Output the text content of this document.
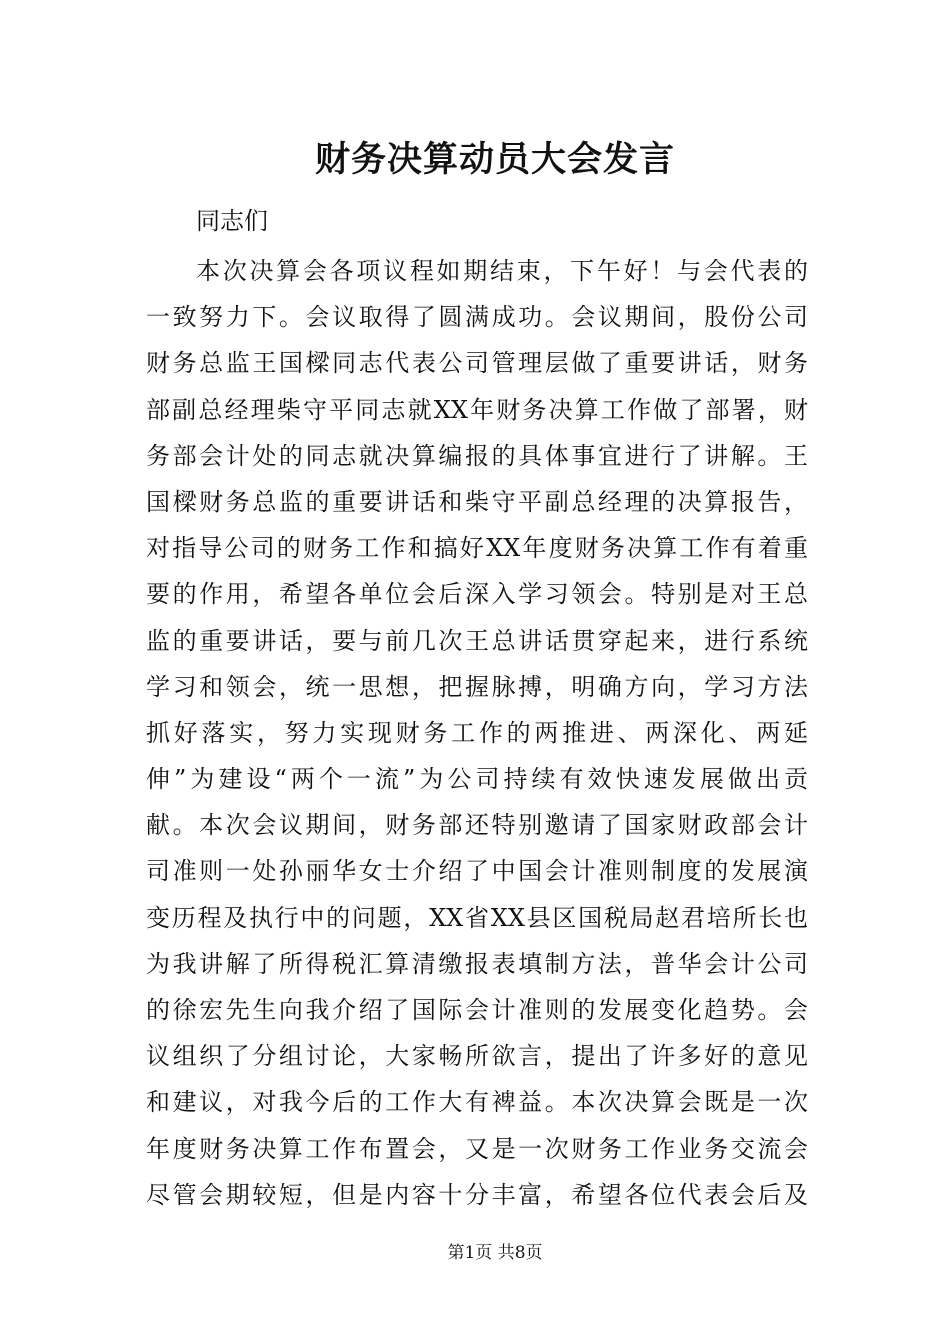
财务决算动员大会发言
同志们
本次决算会各项议程如期结束，下午好！与会代表的
一致努力下。会议取得了圆满成功。会议期间，股份公司
财务总监王国樑同志代表公司管理层做了重要讲话，财务
部副总经理柴守平同志就XX年财务决算工作做了部署，财
务部会计处的同志就决算编报的具体事宜进行了讲解。王
国樑财务总监的重要讲话和柴守平副总经理的决算报告，
对指导公司的财务工作和搞好XX年度财务决算工作有着重
要的作用，希望各单位会后深入学习领会。特别是对王总
监的重要讲话，要与前几次王总讲话贯穿起来，进行系统
学习和领会，统一思想，把握脉搏，明确方向，学习方法
抓好落实，努力实现财务工作的两推进、两深化、两延
伸”为建设“两个一流”为公司持续有效快速发展做出贡
献。本次会议期间，财务部还特别邀请了国家财政部会计
司准则一处孙丽华女士介绍了中国会计准则制度的发展演
变历程及执行中的问题，XX省XX县区国税局赵君培所长也
为我讲解了所得税汇算清缴报表填制方法，普华会计公司
的徐宏先生向我介绍了国际会计准则的发展变化趋势。会
议组织了分组讨论，大家畅所欲言，提出了许多好的意见
和建议，对我今后的工作大有裨益。本次决算会既是一次
年度财务决算工作布置会，又是一次财务工作业务交流会
尽管会期较短，但是内容十分丰富，希望各位代表会后及
第1页 共8页
